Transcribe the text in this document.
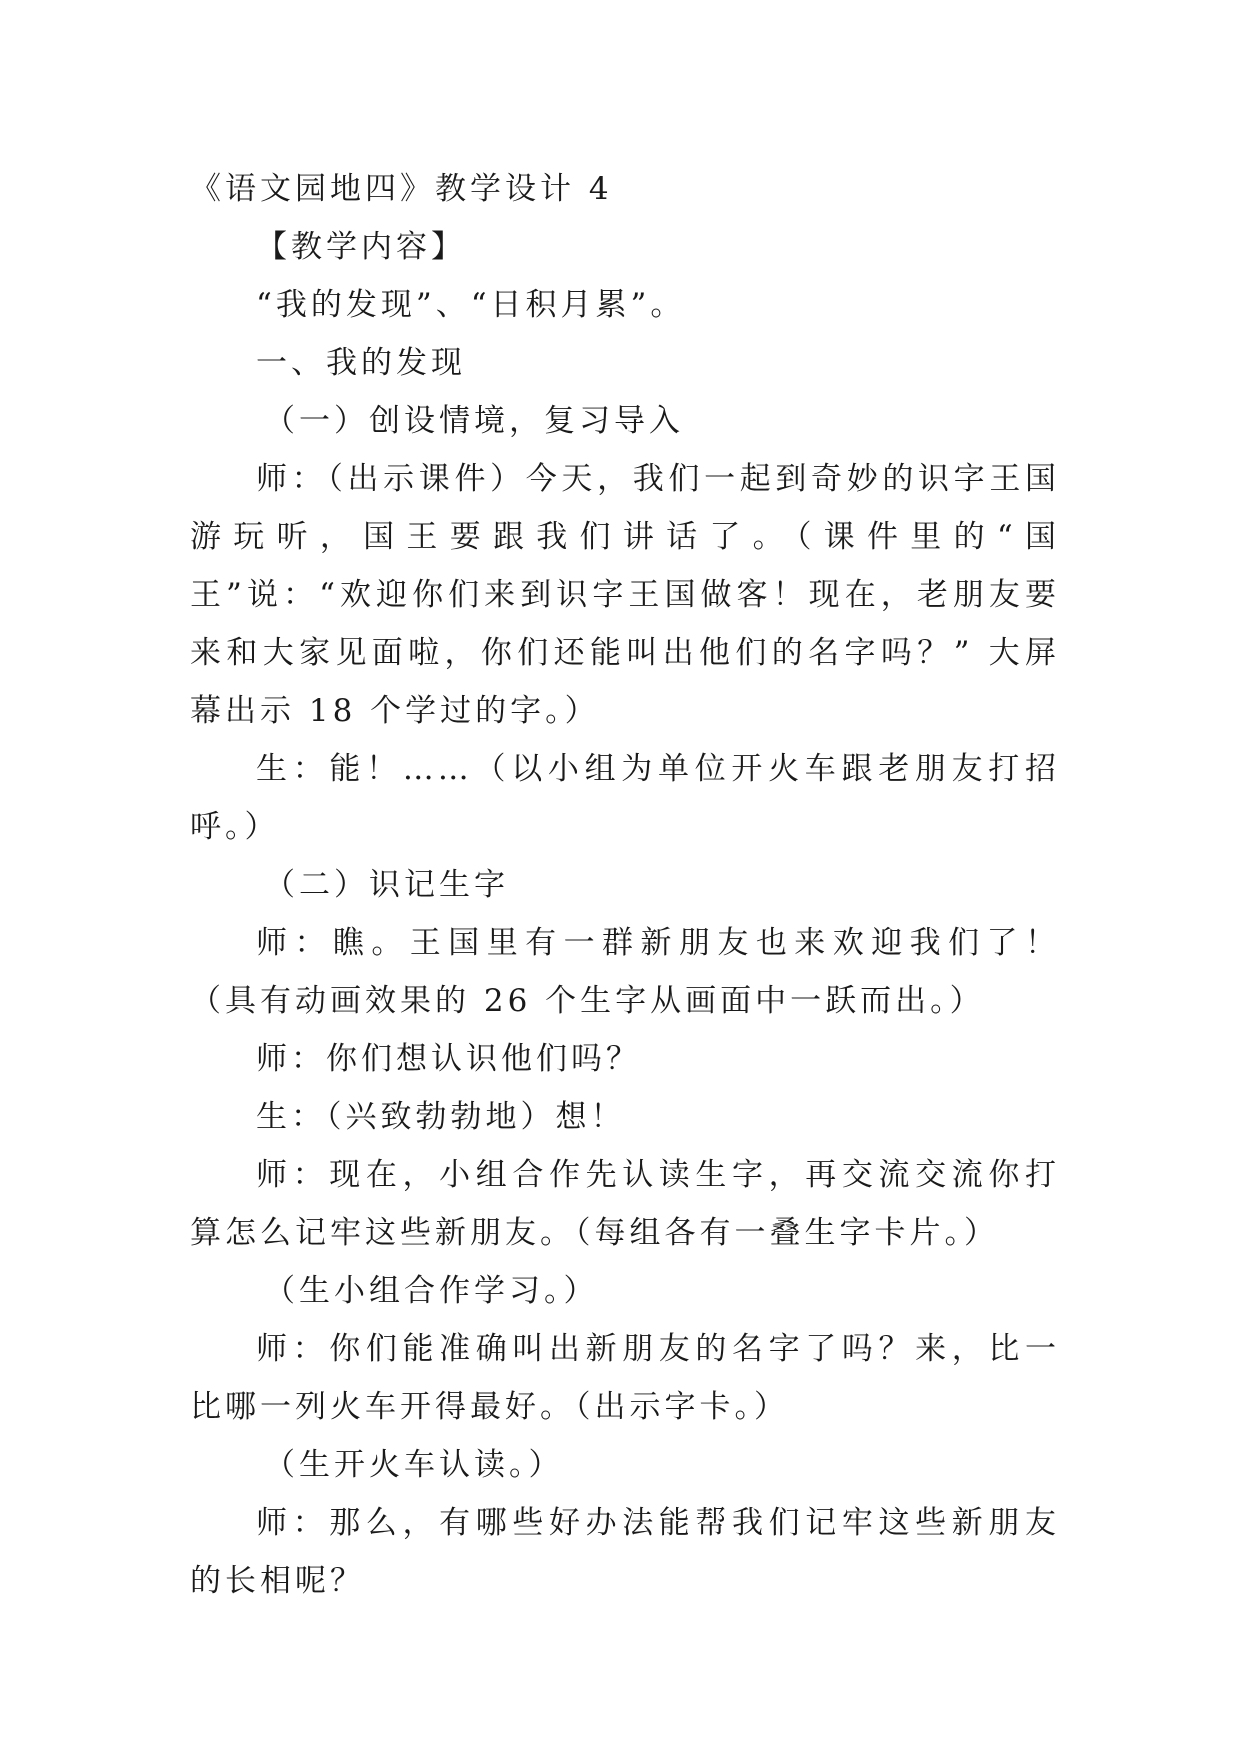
《语文园地四》教学设计 4

【教学内容】

“我的发现”、“日积月累”。

一、我的发现

（一）创设情境，复习导入

师：（出示课件）今天，我们一起到奇妙的识字王国游玩听，国王要跟我们讲话了。（课件里的“国王”说：“欢迎你们来到识字王国做客！现在，老朋友要来和大家见面啦，你们还能叫出他们的名字吗？” 大屏幕出示 18 个学过的字。）

生：能！……（以小组为单位开火车跟老朋友打招呼。）

（二）识记生字

师：瞧。王国里有一群新朋友也来欢迎我们了！（具有动画效果的 26 个生字从画面中一跃而出。）

师：你们想认识他们吗？

生：（兴致勃勃地）想！

师：现在，小组合作先认读生字，再交流交流你打算怎么记牢这些新朋友。（每组各有一叠生字卡片。）

（生小组合作学习。）

师：你们能准确叫出新朋友的名字了吗？来，比一比哪一列火车开得最好。（出示字卡。）

（生开火车认读。）

师：那么，有哪些好办法能帮我们记牢这些新朋友的长相呢？
